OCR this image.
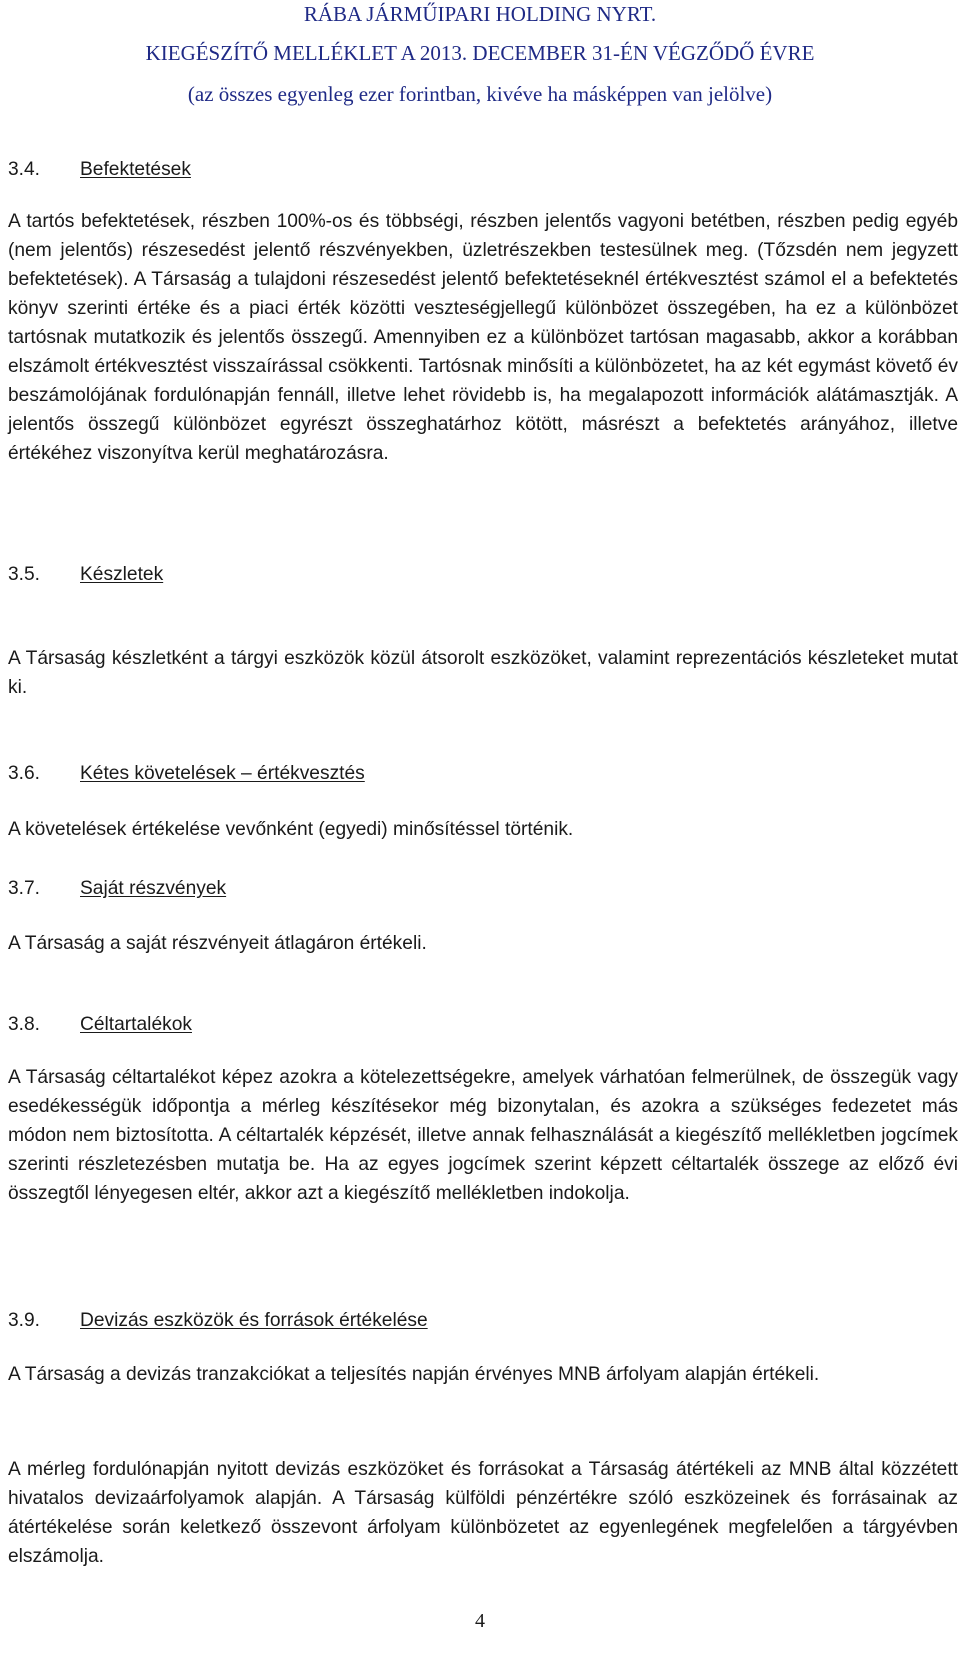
RÁBA JÁRMŰIPARI HOLDING NYRT.
KIEGÉSZÍTŐ MELLÉKLET A 2013. DECEMBER 31-ÉN VÉGZŐDŐ ÉVRE
(az összes egyenleg ezer forintban, kivéve ha másképpen van jelölve)
3.4. Befektetések

A tartós befektetések, részben 100%-os és többségi, részben jelentős vagyoni betétben, részben pedig egyéb (nem jelentős) részesedést jelentő részvényekben, üzletrészekben testesülnek meg. (Tőzsdén nem jegyzett befektetések). A Társaság a tulajdoni részesedést jelentő befektetéseknél értékvesztést számol el a befektetés könyv szerinti értéke és a piaci érték közötti veszteségjellegű különbözet összegében, ha ez a különbözet tartósnak mutatkozik és jelentős összegű. Amennyiben ez a különbözet tartósan magasabb, akkor a korábban elszámolt értékvesztést visszaírással csökkenti. Tartósnak minősíti a különbözetet, ha az két egymást követő év beszámolójának fordulónapján fennáll, illetve lehet rövidebb is, ha megalapozott információk alátámasztják. A jelentős összegű különbözet egyrészt összeghatárhoz kötött, másrészt a befektetés arányához, illetve értékéhez viszonyítva kerül meghatározásra.

3.5. Készletek

A Társaság készletként a tárgyi eszközök közül átsorolt eszközöket, valamint reprezentációs készleteket mutat ki.

3.6. Kétes követelések – értékvesztés

A követelések értékelése vevőnként (egyedi) minősítéssel történik.

3.7. Saját részvények

A Társaság a saját részvényeit átlagáron értékeli.

3.8. Céltartalékok

A Társaság céltartalékot képez azokra a kötelezettségekre, amelyek várhatóan felmerülnek, de összegük vagy esedékességük időpontja a mérleg készítésekor még bizonytalan, és azokra a szükséges fedezetet más módon nem biztosította. A céltartalék képzését, illetve annak felhasználását a kiegészítő mellékletben jogcímek szerinti részletezésben mutatja be. Ha az egyes jogcímek szerint képzett céltartalék összege az előző évi összegtől lényegesen eltér, akkor azt a kiegészítő mellékletben indokolja.

3.9. Devizás eszközök és források értékelése

A Társaság a devizás tranzakciókat a teljesítés napján érvényes MNB árfolyam alapján értékeli.

A mérleg fordulónapján nyitott devizás eszközöket és forrásokat a Társaság átértékeli az MNB által közzétett hivatalos devizaárfolyamok alapján. A Társaság külföldi pénzértékre szóló eszközeinek és forrásainak az átértékelése során keletkező összevont árfolyam különbözetet az egyenlegének megfelelően a tárgyévben elszámolja.

4
